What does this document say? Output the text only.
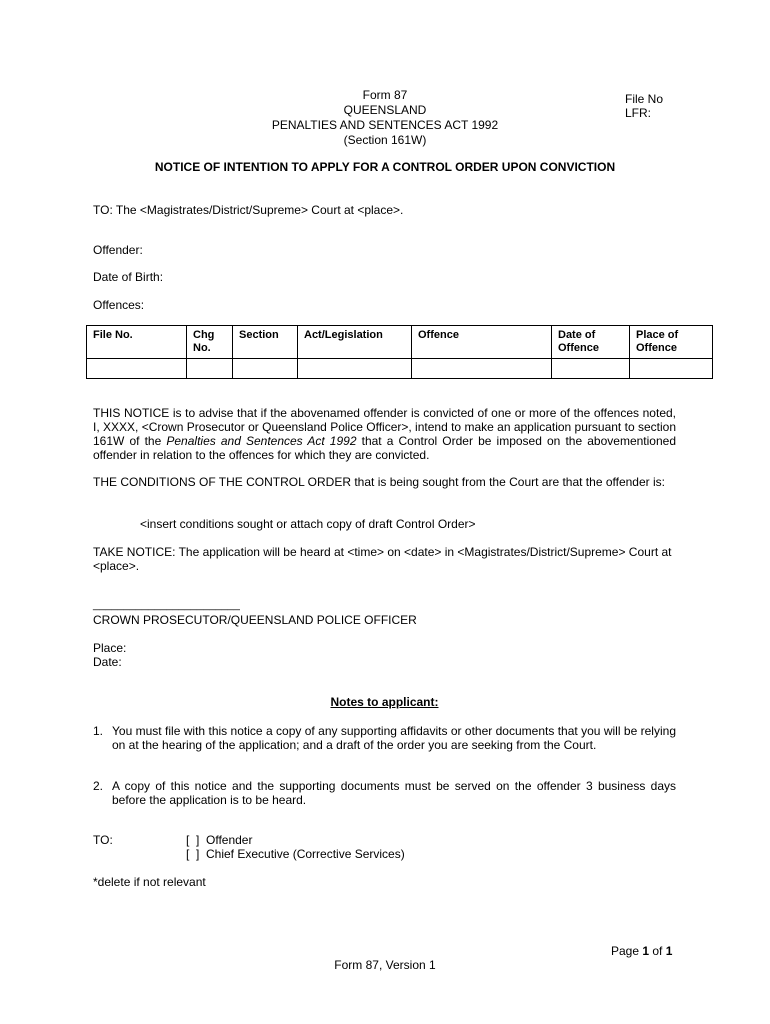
Form 87
QUEENSLAND
PENALTIES AND SENTENCES ACT 1992
(Section 161W)
File No
LFR:
NOTICE OF INTENTION TO APPLY FOR A CONTROL ORDER UPON CONVICTION
TO: The <Magistrates/District/Supreme> Court at <place>.
Offender:
Date of Birth:
Offences:
File No.	Chg No.	Section	Act/Legislation	Offence	Date of Offence	Place of Offence

THIS NOTICE is to advise that if the abovenamed offender is convicted of one or more of the offences noted, I, XXXX, <Crown Prosecutor or Queensland Police Officer>, intend to make an application pursuant to section 161W of the Penalties and Sentences Act 1992 that a Control Order be imposed on the abovementioned offender in relation to the offences for which they are convicted.
THE CONDITIONS OF THE CONTROL ORDER that is being sought from the Court are that the offender is:
<insert conditions sought or attach copy of draft Control Order>
TAKE NOTICE: The application will be heard at <time> on <date> in <Magistrates/District/Supreme> Court at <place>.
________________________
CROWN PROSECUTOR/QUEENSLAND POLICE OFFICER
Place:
Date:
Notes to applicant:
1. You must file with this notice a copy of any supporting affidavits or other documents that you will be relying on at the hearing of the application; and a draft of the order you are seeking from the Court.
2. A copy of this notice and the supporting documents must be served on the offender 3 business days before the application is to be heard.
TO:	[  ]  Offender
[  ]  Chief Executive (Corrective Services)
*delete if not relevant
Page 1 of 1
Form 87, Version 1
